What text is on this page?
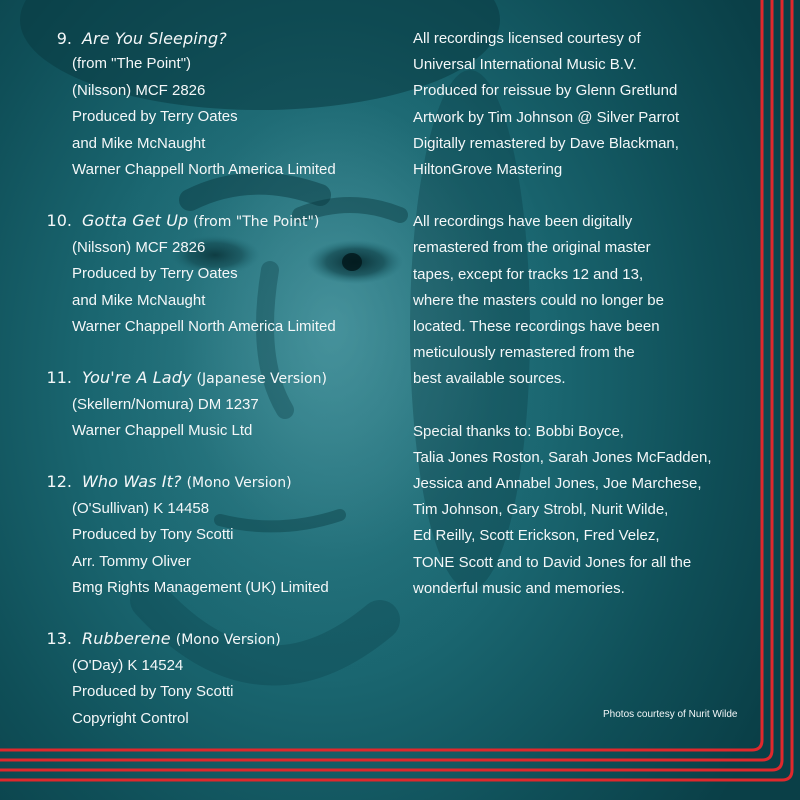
9. Are You Sleeping?
(from "The Point")
(Nilsson) MCF 2826
Produced by Terry Oates
and Mike McNaught
Warner Chappell North America Limited
10. Gotta Get Up (from "The Point")
(Nilsson) MCF 2826
Produced by Terry Oates
and Mike McNaught
Warner Chappell North America Limited
11. You're A Lady (Japanese Version)
(Skellern/Nomura) DM 1237
Warner Chappell Music Ltd
12. Who Was It? (Mono Version)
(O'Sullivan) K 14458
Produced by Tony Scotti
Arr. Tommy Oliver
Bmg Rights Management (UK) Limited
13. Rubberene (Mono Version)
(O'Day) K 14524
Produced by Tony Scotti
Copyright Control

All recordings licensed courtesy of
Universal International Music B.V.
Produced for reissue by Glenn Gretlund
Artwork by Tim Johnson @ Silver Parrot
Digitally remastered by Dave Blackman,
HiltonGrove Mastering

All recordings have been digitally
remastered from the original master
tapes, except for tracks 12 and 13,
where the masters could no longer be
located. These recordings have been
meticulously remastered from the
best available sources.

Special thanks to: Bobbi Boyce,
Talia Jones Roston, Sarah Jones McFadden,
Jessica and Annabel Jones, Joe Marchese,
Tim Johnson, Gary Strobl, Nurit Wilde,
Ed Reilly, Scott Erickson, Fred Velez,
TONE Scott and to David Jones for all the
wonderful music and memories.

Photos courtesy of Nurit Wilde
